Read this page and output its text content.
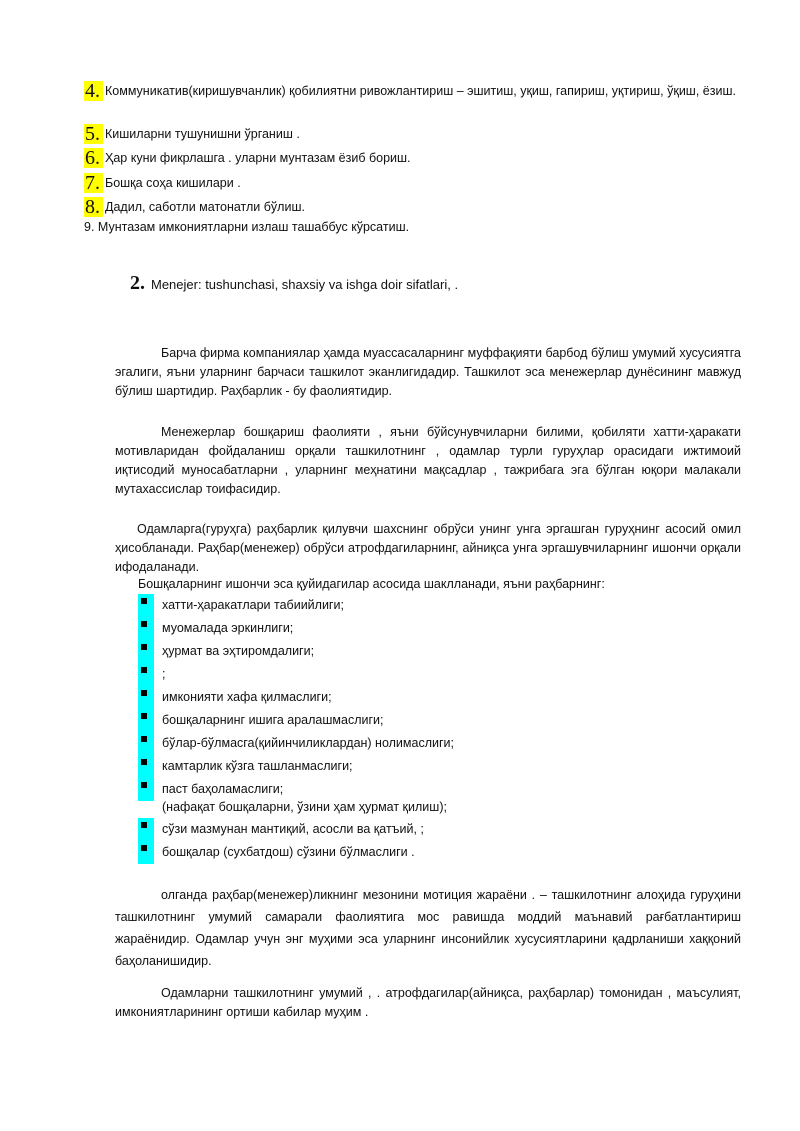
4. Коммуникатив(киришувчанлик) қобилиятни ривожлантириш – эшитиш, уқиш, гапириш, уқтириш, ўқиш, ёзиш.
5. Кишиларни тушунишни ўрганиш .
6. Ҳар куни фикрлашга . уларни мунтазам ёзиб бориш.
7. Бошқа соҳа кишилари .
8. Дадил, саботли матонатли бўлиш.
9. Мунтазам имкониятларни излаш ташаббус кўрсатиш.
2. Menejer: tushunchasi, shaxsiy va ishga doir sifatlari, .
Барча фирма компаниялар ҳамда муассасаларнинг муффақияти барбод бўлиш умумий хусусиятга эгалиги, яъни уларнинг барчаси ташкилот эканлигидадир. Ташкилот эса менежерлар дунёсининг мавжуд бўлиш шартидир. Раҳбарлик - бу фаолиятидир.
Менежерлар бошқариш фаолияти , яъни бўйсунувчиларни билими, қобиляти хатти-ҳаракати мотивларидан фойдаланиш орқали ташкилотнинг , одамлар турли гуруҳлар орасидаги ижтимоий иқтисодий муносабатларни , уларнинг меҳнатини мақсадлар , тажрибага эга бўлган юқори малакали мутахассислар тоифасидир.
Одамларга(гуруҳга) раҳбарлик қилувчи шахснинг обрўси унинг унга эргашган гуруҳнинг асосий омил ҳисобланади. Раҳбар(менежер) обрўси атрофдагиларнинг, айниқса унга эргашувчиларнинг ишончи орқали ифодаланади.
Бошқаларнинг ишончи эса қуйидагилар асосида шаклланади, яъни раҳбарнинг:
хатти-ҳаракатлари табиийлиги;
муомалада эркинлиги;
ҳурмат ва эҳтиромдалиги;
;
имконияти хафа қилмаслиги;
бошқаларнинг ишига аралашмаслиги;
бўлар-бўлмасга(қийинчиликлардан) нолимаслиги;
камтарлик кўзга ташланмаслиги;
паст баҳоламаслиги;
(нафақат бошқаларни, ўзини ҳам ҳурмат қилиш);
сўзи мазмунан мантиқий, асосли ва қатъий, ;
бошқалар (сухбатдош) сўзини бўлмаслиги .
олганда раҳбар(менежер)ликнинг мезонини мотиция жараёни . – ташкилотнинг алоҳида гуруҳини ташкилотнинг умумий самарали фаолиятига мос равишда моддий маънавий рағбатлантириш жараёнидир. Одамлар учун энг муҳими эса уларнинг инсонийлик хусусиятларини қадрланиши хаққоний баҳоланишидир.
Одамларни ташкилотнинг умумий , . атрофдагилар(айниқса, раҳбарлар) томонидан , маъсулият, имкониятларининг ортиши кабилар муҳим .
